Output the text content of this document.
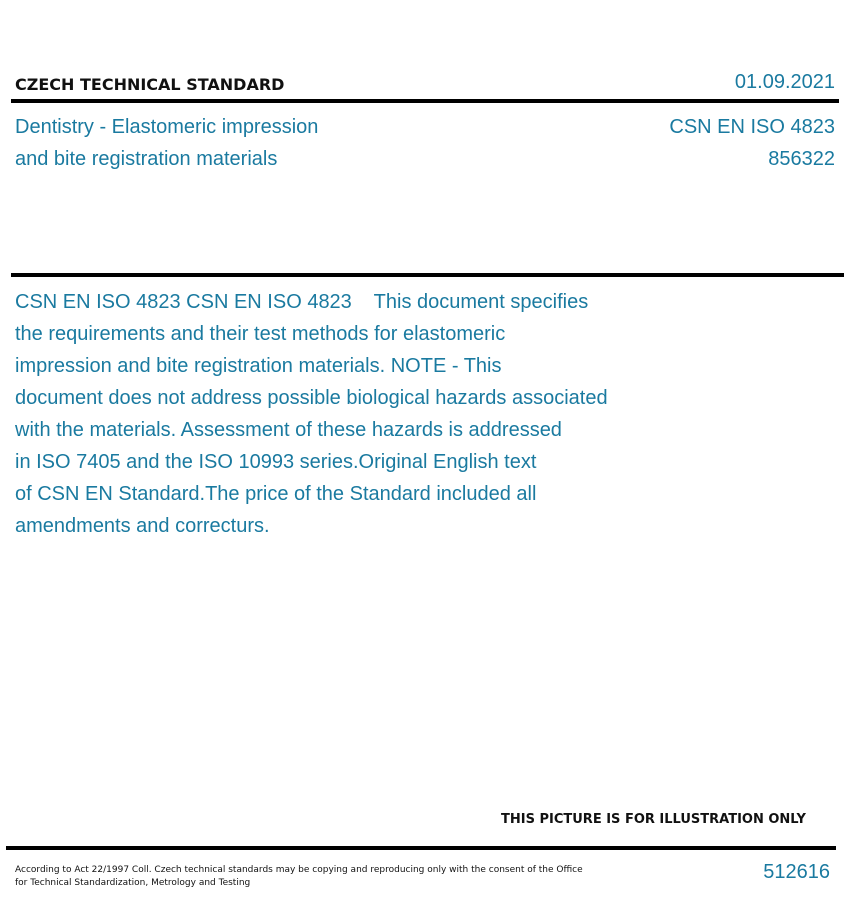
CZECH TECHNICAL STANDARD	01.09.2021
Dentistry - Elastomeric impression
and bite registration materials
CSN EN ISO 4823
856322
CSN EN ISO 4823 CSN EN ISO 4823    This document specifies
the requirements and their test methods for elastomeric
impression and bite registration materials. NOTE - This
document does not address possible biological hazards associated
with the materials. Assessment of these hazards is addressed
in ISO 7405 and the ISO 10993 series.Original English text
of CSN EN Standard.The price of the Standard included all
amendments and correcturs.
THIS PICTURE IS FOR ILLUSTRATION ONLY
According to Act 22/1997 Coll. Czech technical standards may be copying and reproducing only with the consent of the Office
for Technical Standardization, Metrology and Testing	512616
